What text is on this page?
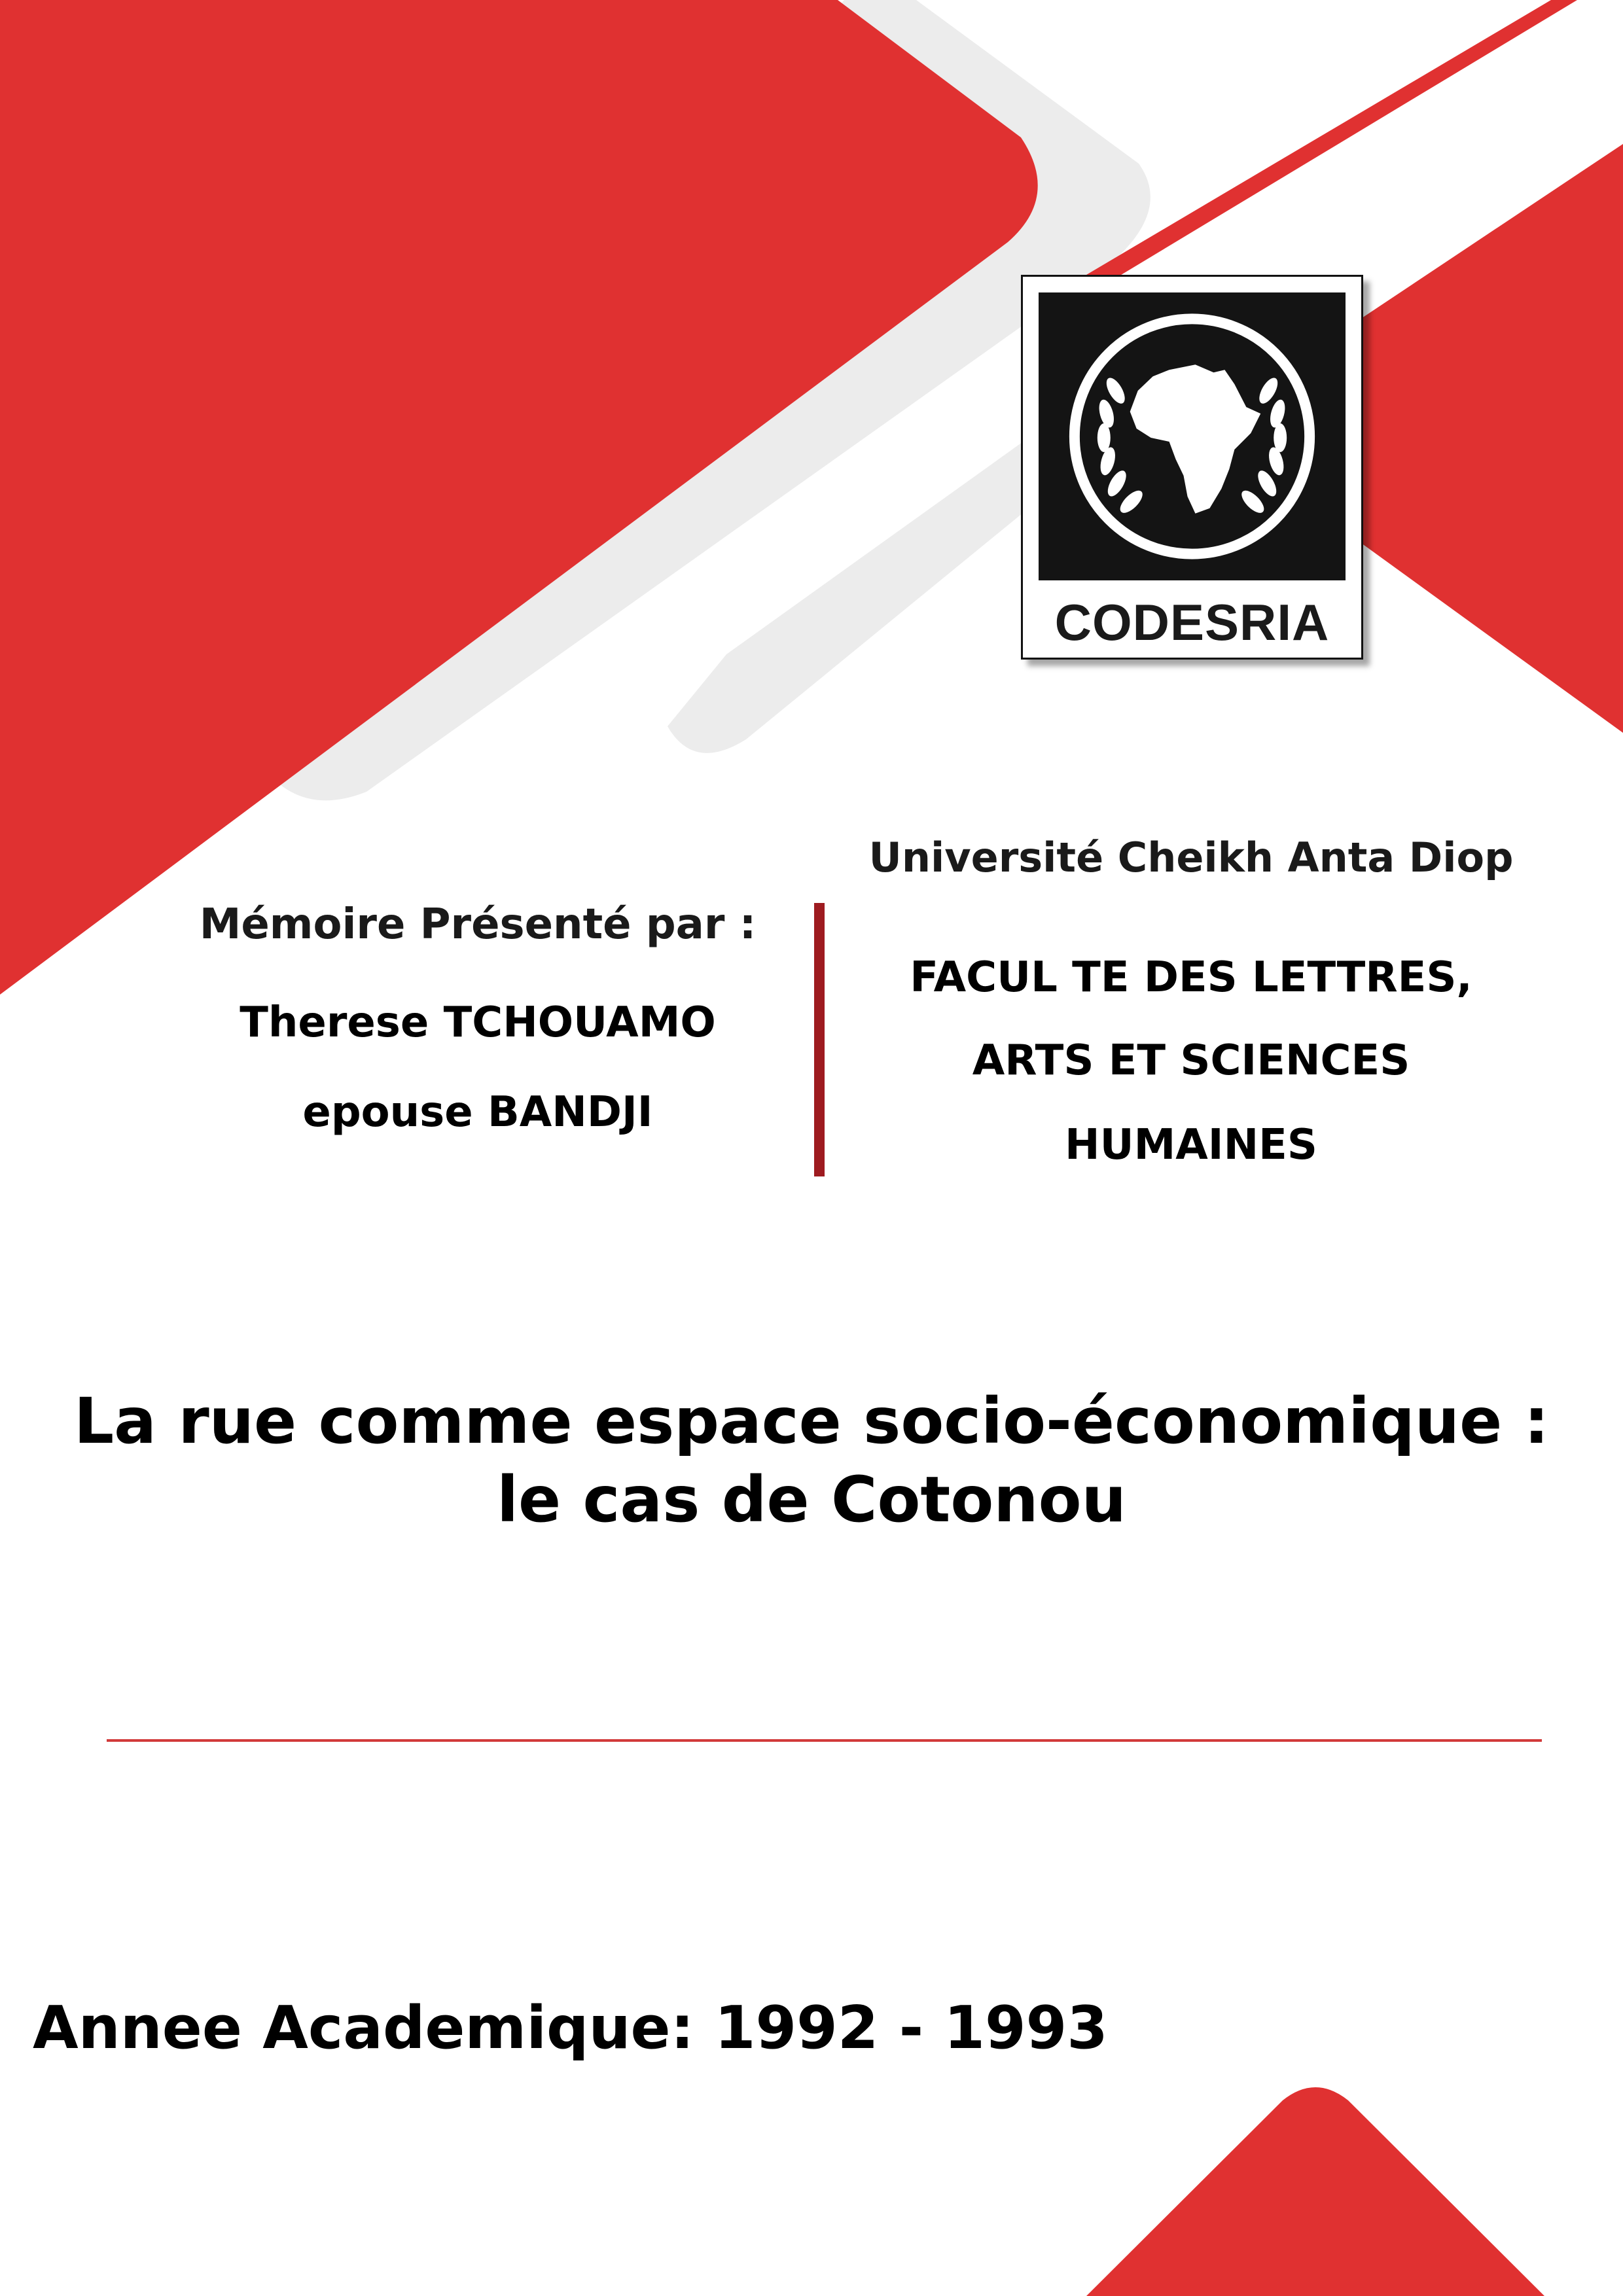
CODESRIA
Mémoire Présenté par :
Therese TCHOUAMO
epouse BANDJI
Université Cheikh Anta Diop
FACUL TE DES LETTRES,
ARTS ET SCIENCES
HUMAINES
La rue comme espace socio-économique :
le cas de Cotonou
Annee Academique: 1992 - 1993
